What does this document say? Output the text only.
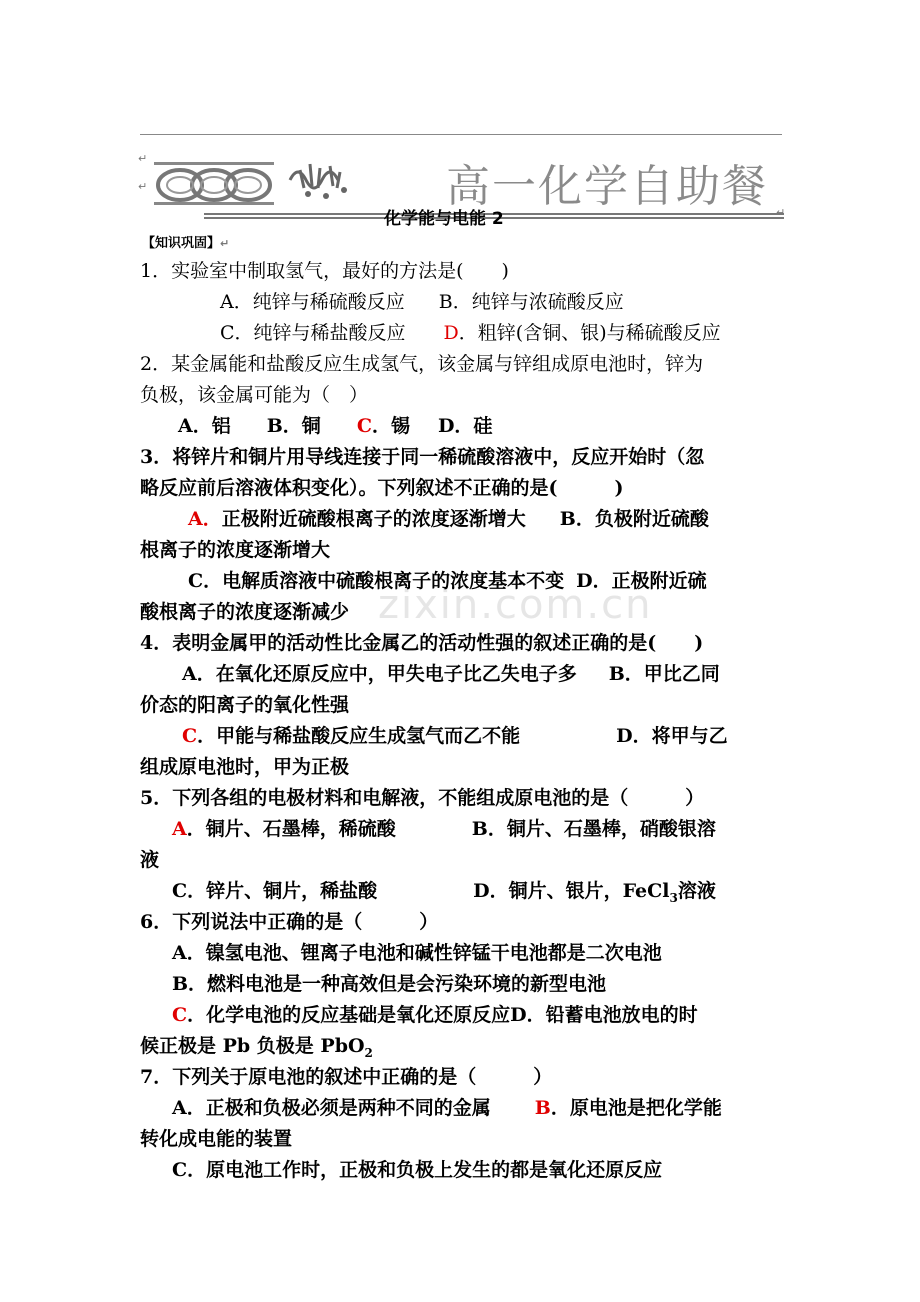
高一化学自助餐
↵
↵
↵
化学能与电能 2
【知识巩固】↵
zixin.com.cn
1．实验室中制取氢气，最好的方法是(　　)
A．纯锌与稀硫酸反应 B．纯锌与浓硫酸反应
C．纯锌与稀盐酸反应 D．粗锌(含铜、银)与稀硫酸反应
2．某金属能和盐酸反应生成氢气，该金属与锌组成原电池时，锌为
负极，该金属可能为（　）
A．铝 B．铜 C．锡 D．硅
3．将锌片和铜片用导线连接于同一稀硫酸溶液中，反应开始时（忽
略反应前后溶液体积变化）。下列叙述不正确的是(　　　)
A．正极附近硫酸根离子的浓度逐渐增大 B．负极附近硫酸
根离子的浓度逐渐增大
C．电解质溶液中硫酸根离子的浓度基本不变 D．正极附近硫
酸根离子的浓度逐渐减少
4．表明金属甲的活动性比金属乙的活动性强的叙述正确的是(　　)
A．在氧化还原反应中，甲失电子比乙失电子多 B．甲比乙同
价态的阳离子的氧化性强
C．甲能与稀盐酸反应生成氢气而乙不能	D．将甲与乙
组成原电池时，甲为正极
5．下列各组的电极材料和电解液，不能组成原电池的是（　　　）
A．铜片、石墨棒，稀硫酸	B．铜片、石墨棒，硝酸银溶
液
C．锌片、铜片，稀盐酸	D．铜片、银片，FeCl$_3$溶液
6．下列说法中正确的是（　　　）
A．镍氢电池、锂离子电池和碱性锌锰干电池都是二次电池
B．燃料电池是一种高效但是会污染环境的新型电池
C．化学电池的反应基础是氧化还原反应D．铅蓄电池放电的时
候正极是 Pb 负极是 PbO$_2$
7．下列关于原电池的叙述中正确的是（　　　）
A．正极和负极必须是两种不同的金属 B．原电池是把化学能
转化成电能的装置
C．原电池工作时，正极和负极上发生的都是氧化还原反应
